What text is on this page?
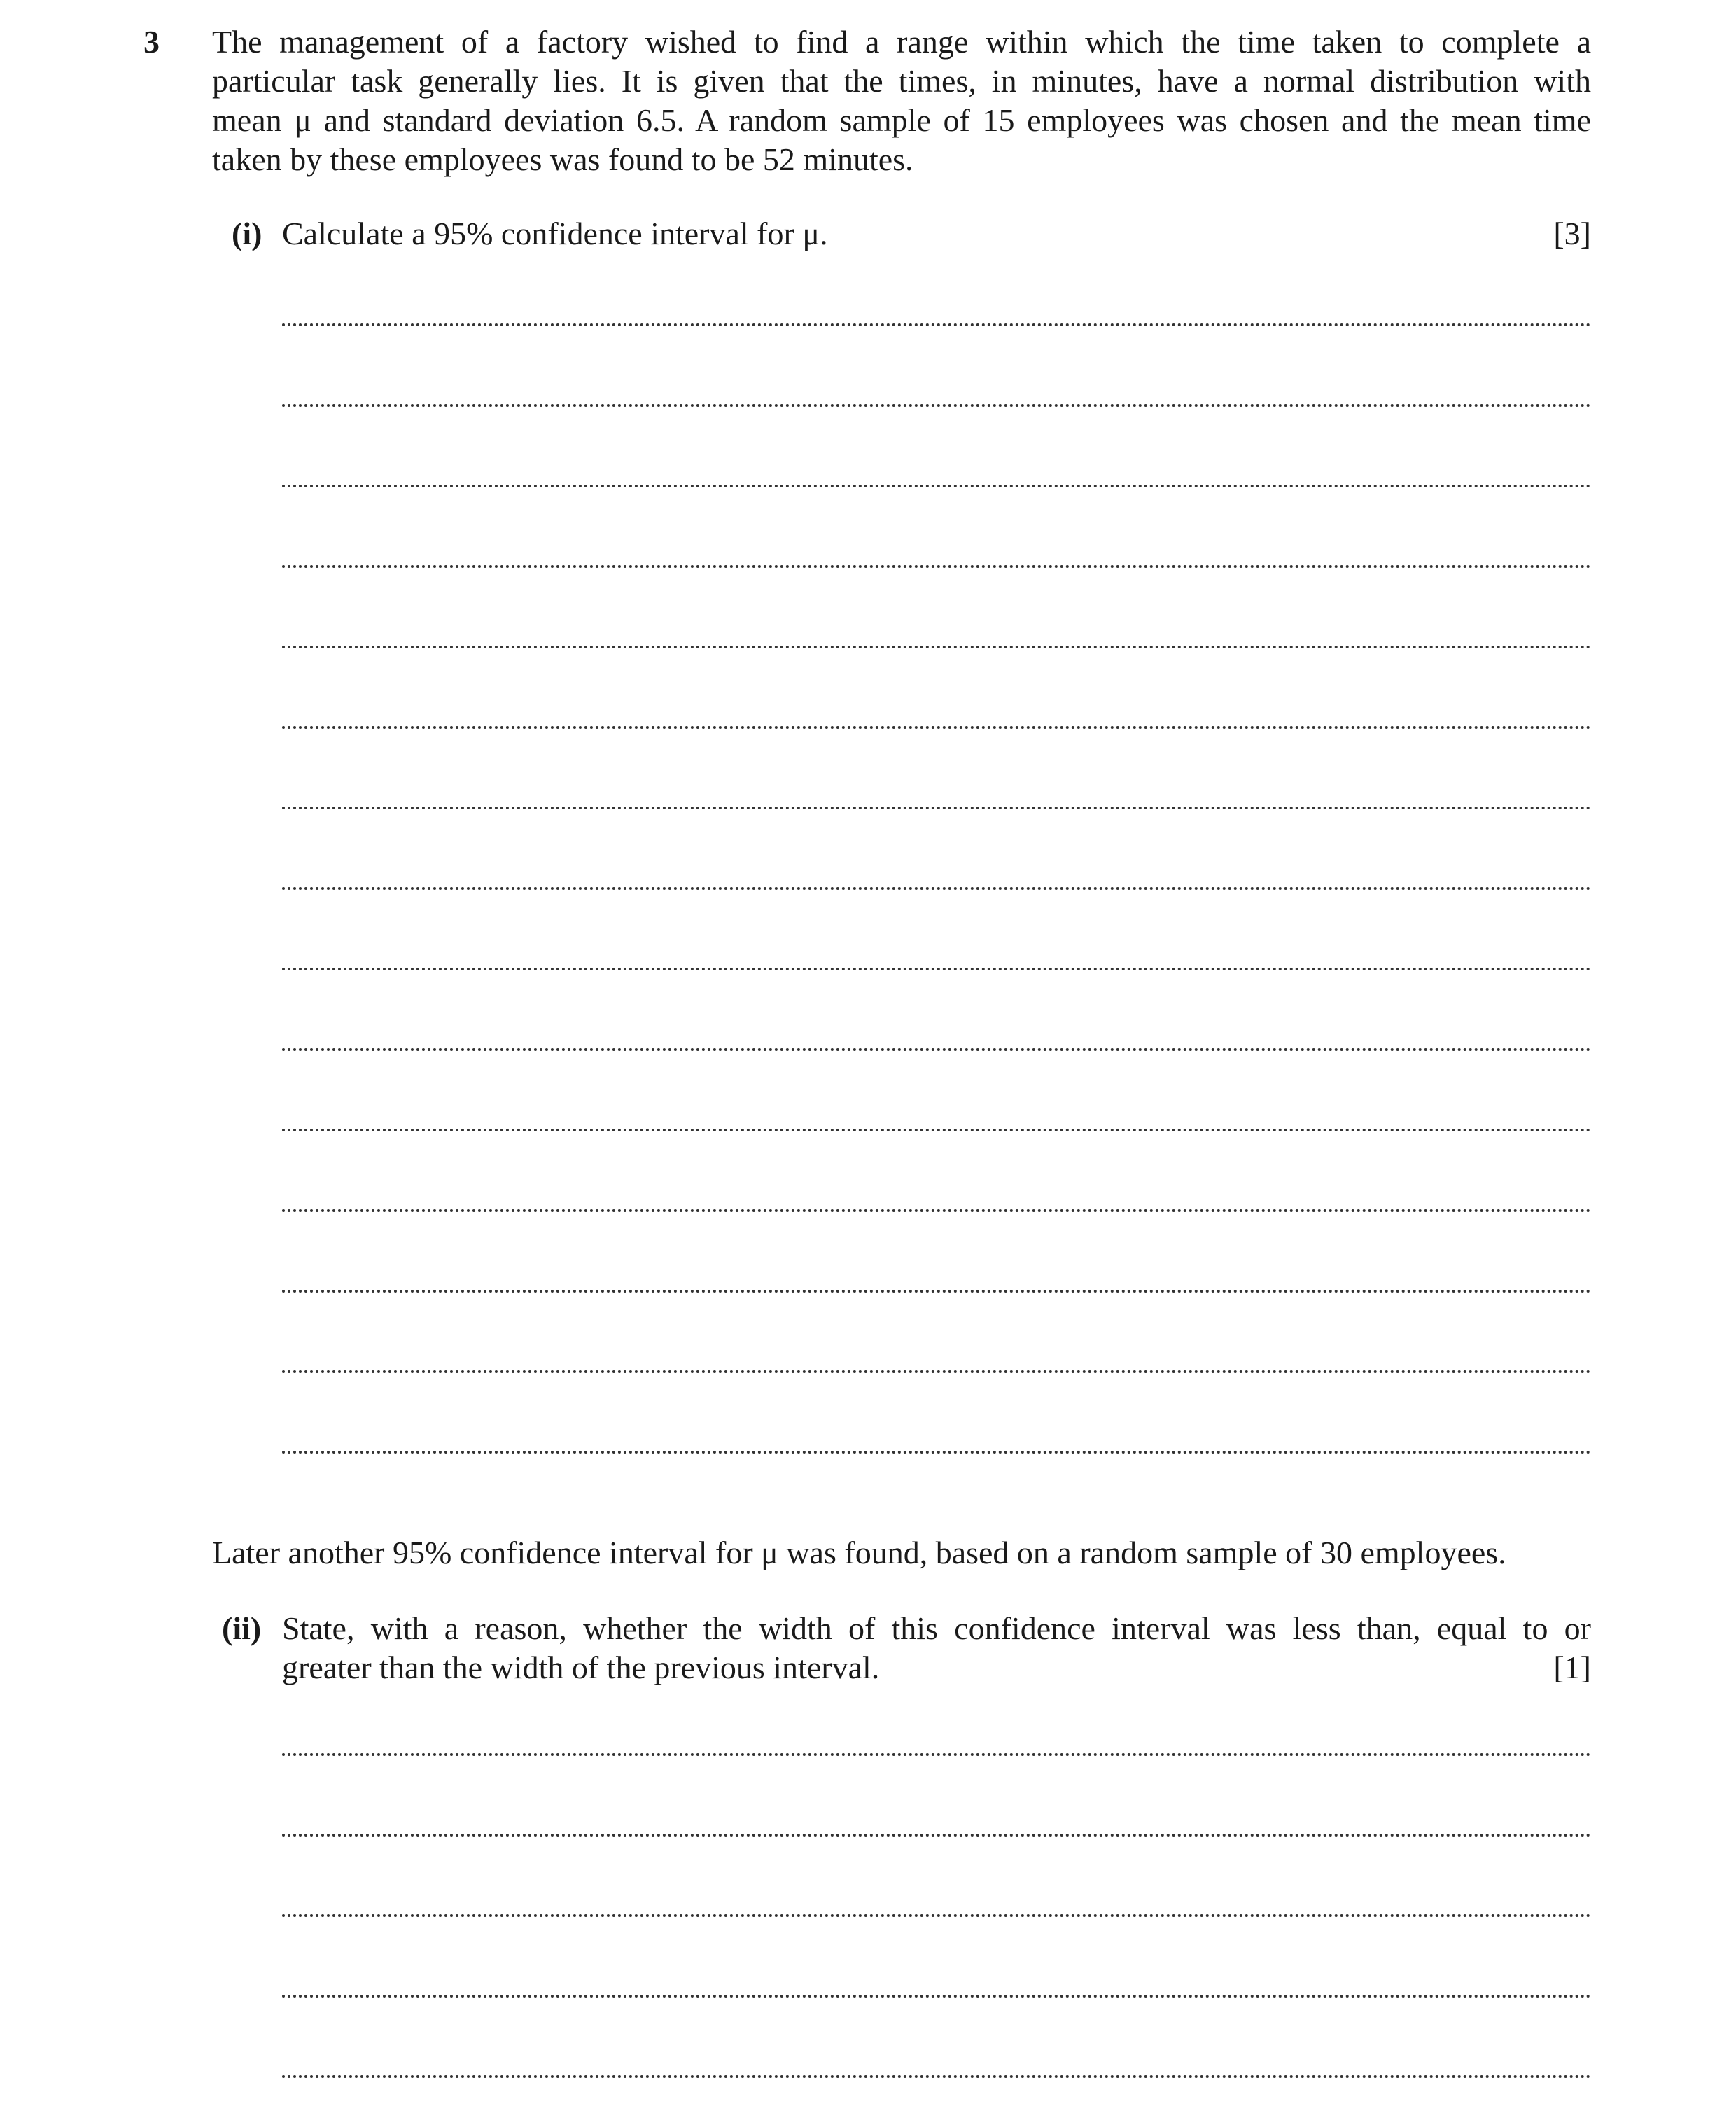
3 The management of a factory wished to find a range within which the time taken to complete a
particular task generally lies. It is given that the times, in minutes, have a normal distribution with
mean μ and standard deviation 6.5. A random sample of 15 employees was chosen and the mean time
taken by these employees was found to be 52 minutes.
(i) Calculate a 95% confidence interval for μ.	[3]
Later another 95% confidence interval for μ was found, based on a random sample of 30 employees.
(ii) State, with a reason, whether the width of this confidence interval was less than, equal to or
greater than the width of the previous interval.	[1]
